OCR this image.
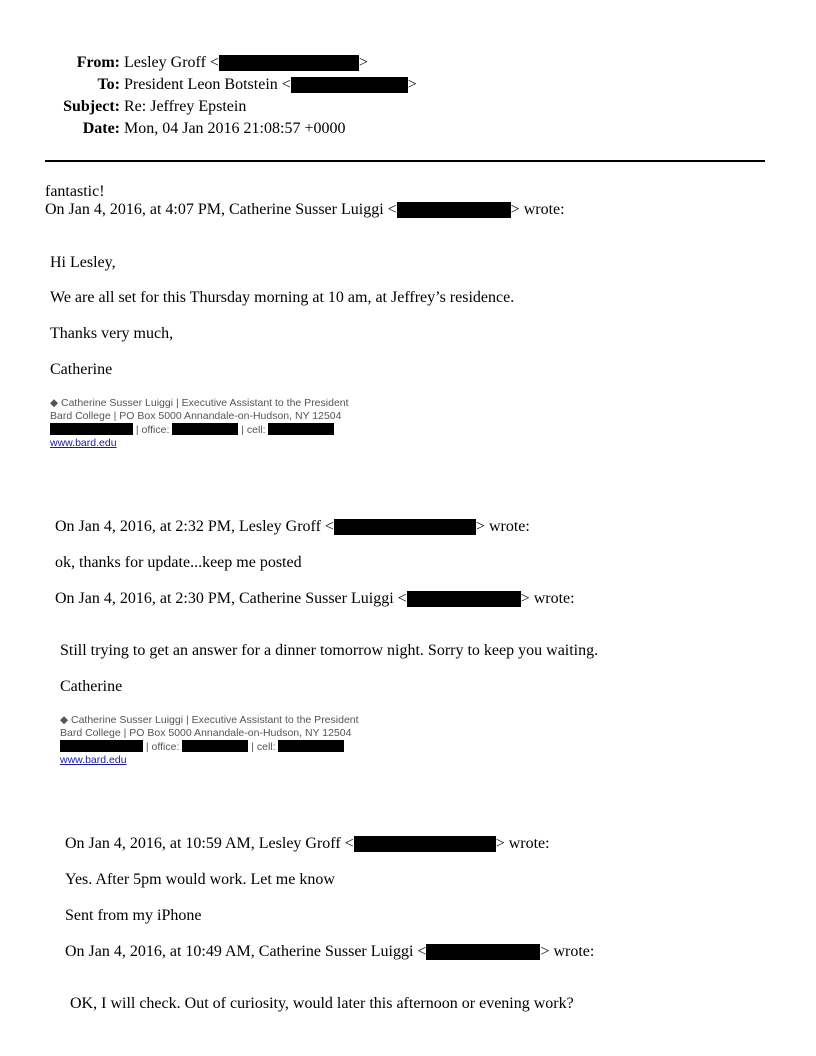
From: Lesley Groff <	>
To: President Leon Botstein <	>
Subject: Re: Jeffrey Epstein
Date: Mon, 04 Jan 2016 21:08:57 +0000
fantastic!
On Jan 4, 2016, at 4:07 PM, Catherine Susser Luiggi <	> wrote:
Hi Lesley,
We are all set for this Thursday morning at 10 am, at Jeffrey’s residence.
Thanks very much,
Catherine
◆ Catherine Susser Luiggi | Executive Assistant to the President
Bard College | PO Box 5000 Annandale-on-Hudson, NY 12504
| office:	| cell:
www.bard.edu
On Jan 4, 2016, at 2:32 PM, Lesley Groff <	> wrote:
ok, thanks for update...keep me posted
On Jan 4, 2016, at 2:30 PM, Catherine Susser Luiggi <	> wrote:
Still trying to get an answer for a dinner tomorrow night. Sorry to keep you waiting.
Catherine
◆ Catherine Susser Luiggi | Executive Assistant to the President
Bard College | PO Box 5000 Annandale-on-Hudson, NY 12504
| office:	| cell:
www.bard.edu
On Jan 4, 2016, at 10:59 AM, Lesley Groff <	> wrote:
Yes. After 5pm would work. Let me know
Sent from my iPhone
On Jan 4, 2016, at 10:49 AM, Catherine Susser Luiggi <	> wrote:
OK, I will check. Out of curiosity, would later this afternoon or evening work?
